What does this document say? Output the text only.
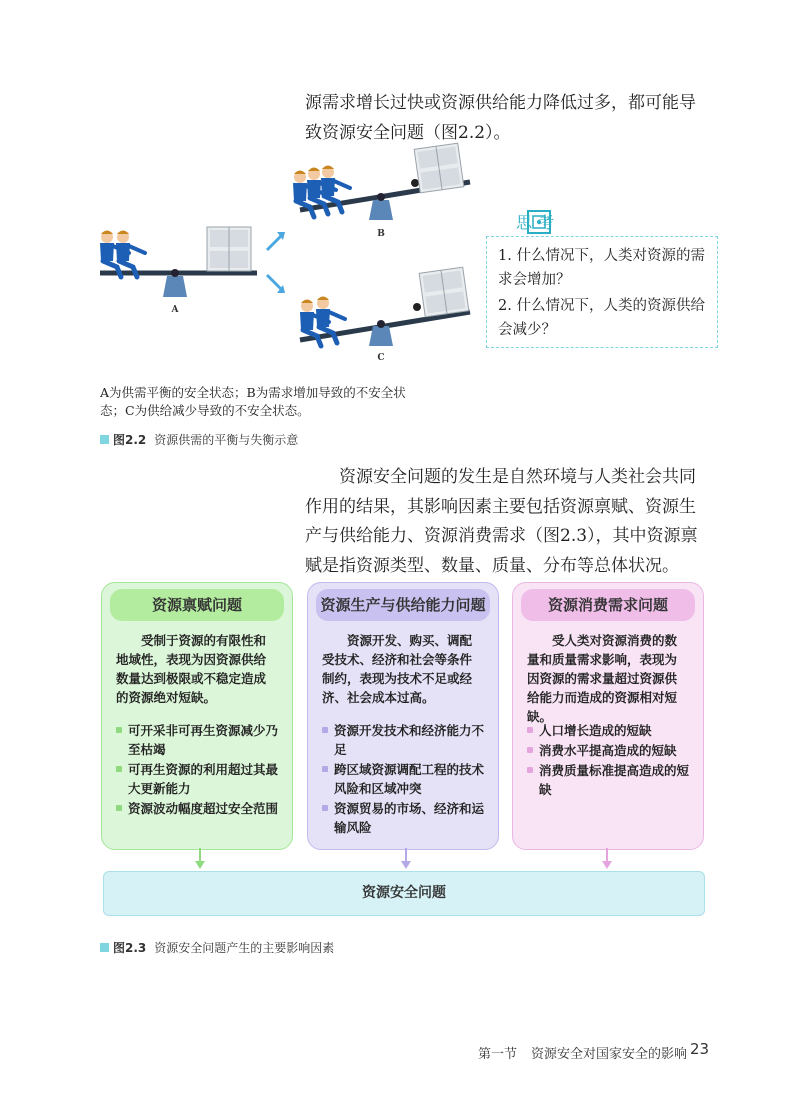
源需求增长过快或资源供给能力降低过多，都可能导致资源安全问题（图2.2）。
A
B
C
思考
1. 什么情况下，人类对资源的需求会增加？
2. 什么情况下，人类的资源供给会减少？
A为供需平衡的安全状态；B为需求增加导致的不安全状态；C为供给减少导致的不安全状态。
图2.2 资源供需的平衡与失衡示意
资源安全问题的发生是自然环境与人类社会共同作用的结果，其影响因素主要包括资源禀赋、资源生产与供给能力、资源消费需求（图2.3），其中资源禀赋是指资源类型、数量、质量、分布等总体状况。
资源禀赋问题
受制于资源的有限性和地域性，表现为因资源供给数量达到极限或不稳定造成的资源绝对短缺。
可开采非可再生资源减少乃至枯竭
可再生资源的利用超过其最大更新能力
资源波动幅度超过安全范围
资源生产与供给能力问题
资源开发、购买、调配受技术、经济和社会等条件制约，表现为技术不足或经济、社会成本过高。
资源开发技术和经济能力不足
跨区域资源调配工程的技术风险和区域冲突
资源贸易的市场、经济和运输风险
资源消费需求问题
受人类对资源消费的数量和质量需求影响，表现为因资源的需求量超过资源供给能力而造成的资源相对短缺。
人口增长造成的短缺
消费水平提高造成的短缺
消费质量标准提高造成的短缺
资源安全问题
图2.3 资源安全问题产生的主要影响因素
第一节 资源安全对国家安全的影响 23
